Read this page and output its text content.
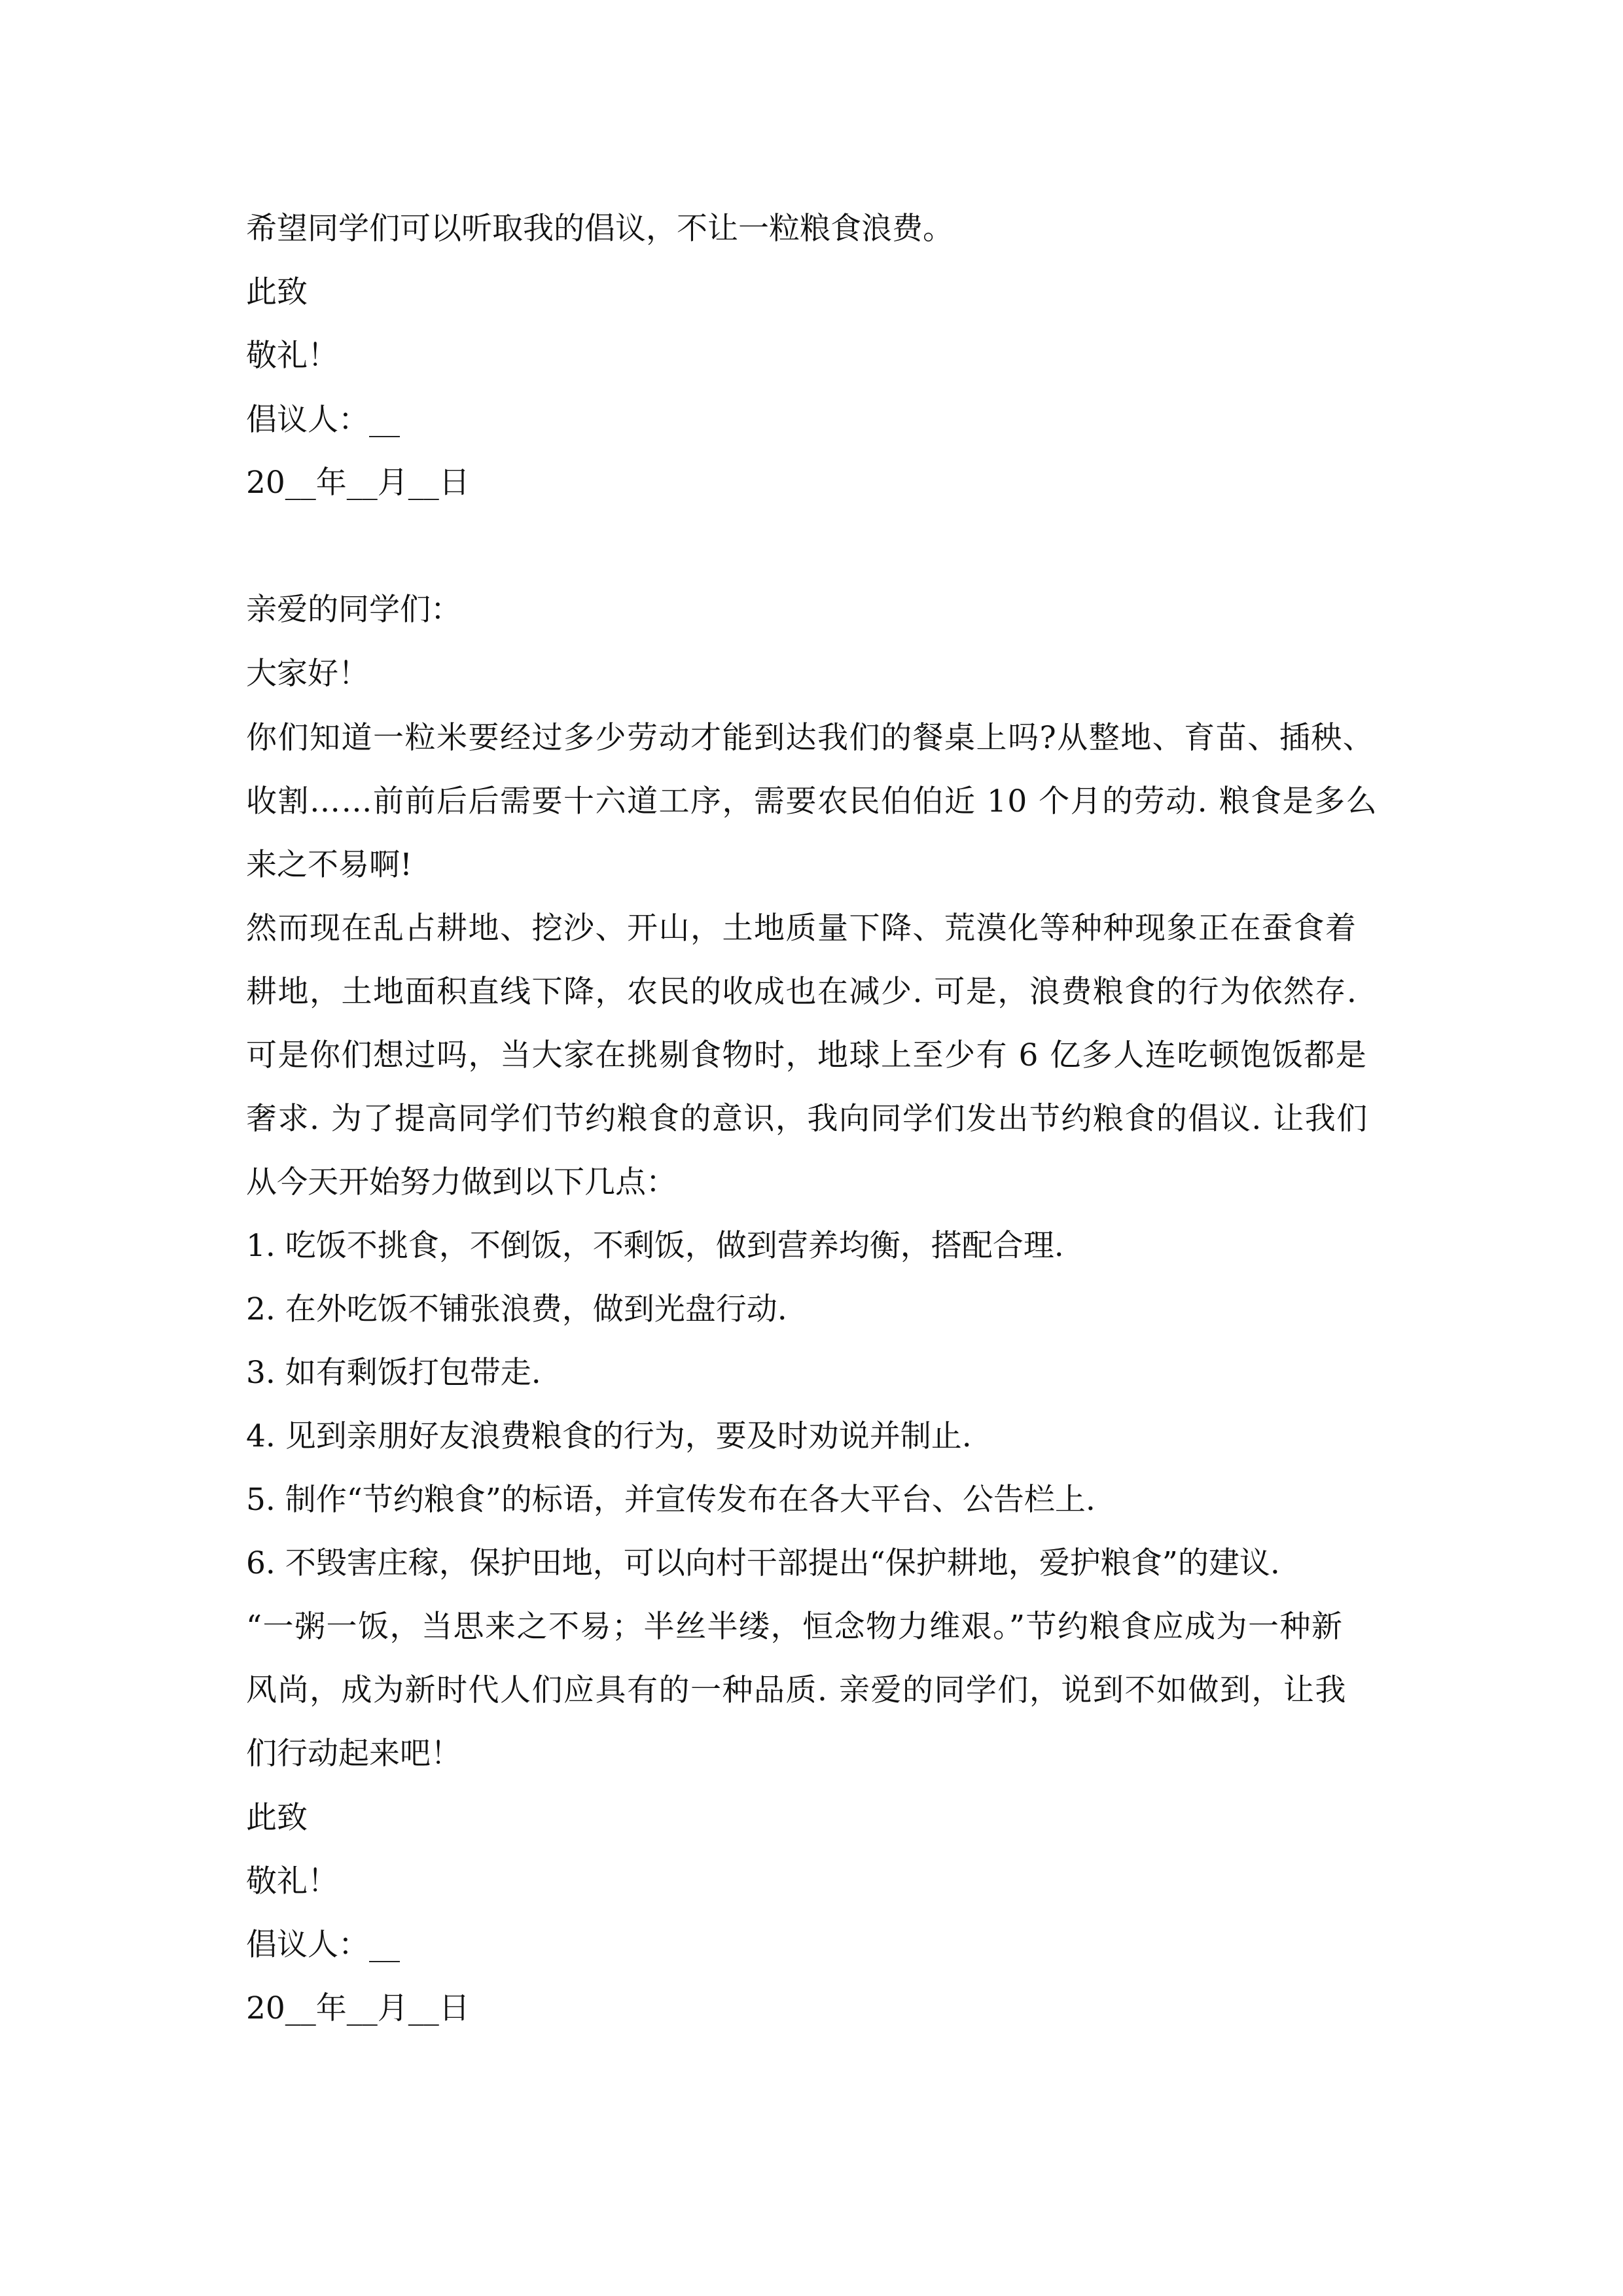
希望同学们可以听取我的倡议，不让一粒粮食浪费。
此致
敬礼！
倡议人：__
20__年__月__日
亲爱的同学们：
大家好！
你们知道一粒米要经过多少劳动才能到达我们的餐桌上吗?从整地、育苗、插秧、
收割……前前后后需要十六道工序，需要农民伯伯近 10 个月的劳动. 粮食是多么
来之不易啊!
然而现在乱占耕地、挖沙、开山，土地质量下降、荒漠化等种种现象正在蚕食着
耕地，土地面积直线下降，农民的收成也在减少. 可是，浪费粮食的行为依然存.
可是你们想过吗，当大家在挑剔食物时，地球上至少有 6 亿多人连吃顿饱饭都是
奢求. 为了提高同学们节约粮食的意识，我向同学们发出节约粮食的倡议. 让我们
从今天开始努力做到以下几点：
1. 吃饭不挑食，不倒饭，不剩饭，做到营养均衡，搭配合理.
2. 在外吃饭不铺张浪费，做到光盘行动.
3. 如有剩饭打包带走.
4. 见到亲朋好友浪费粮食的行为，要及时劝说并制止.
5. 制作“节约粮食”的标语，并宣传发布在各大平台、公告栏上.
6. 不毁害庄稼，保护田地，可以向村干部提出“保护耕地，爱护粮食”的建议.
“一粥一饭，当思来之不易；半丝半缕，恒念物力维艰。”节约粮食应成为一种新
风尚，成为新时代人们应具有的一种品质. 亲爱的同学们，说到不如做到，让我
们行动起来吧！
此致
敬礼！
倡议人：__
20__年__月__日
